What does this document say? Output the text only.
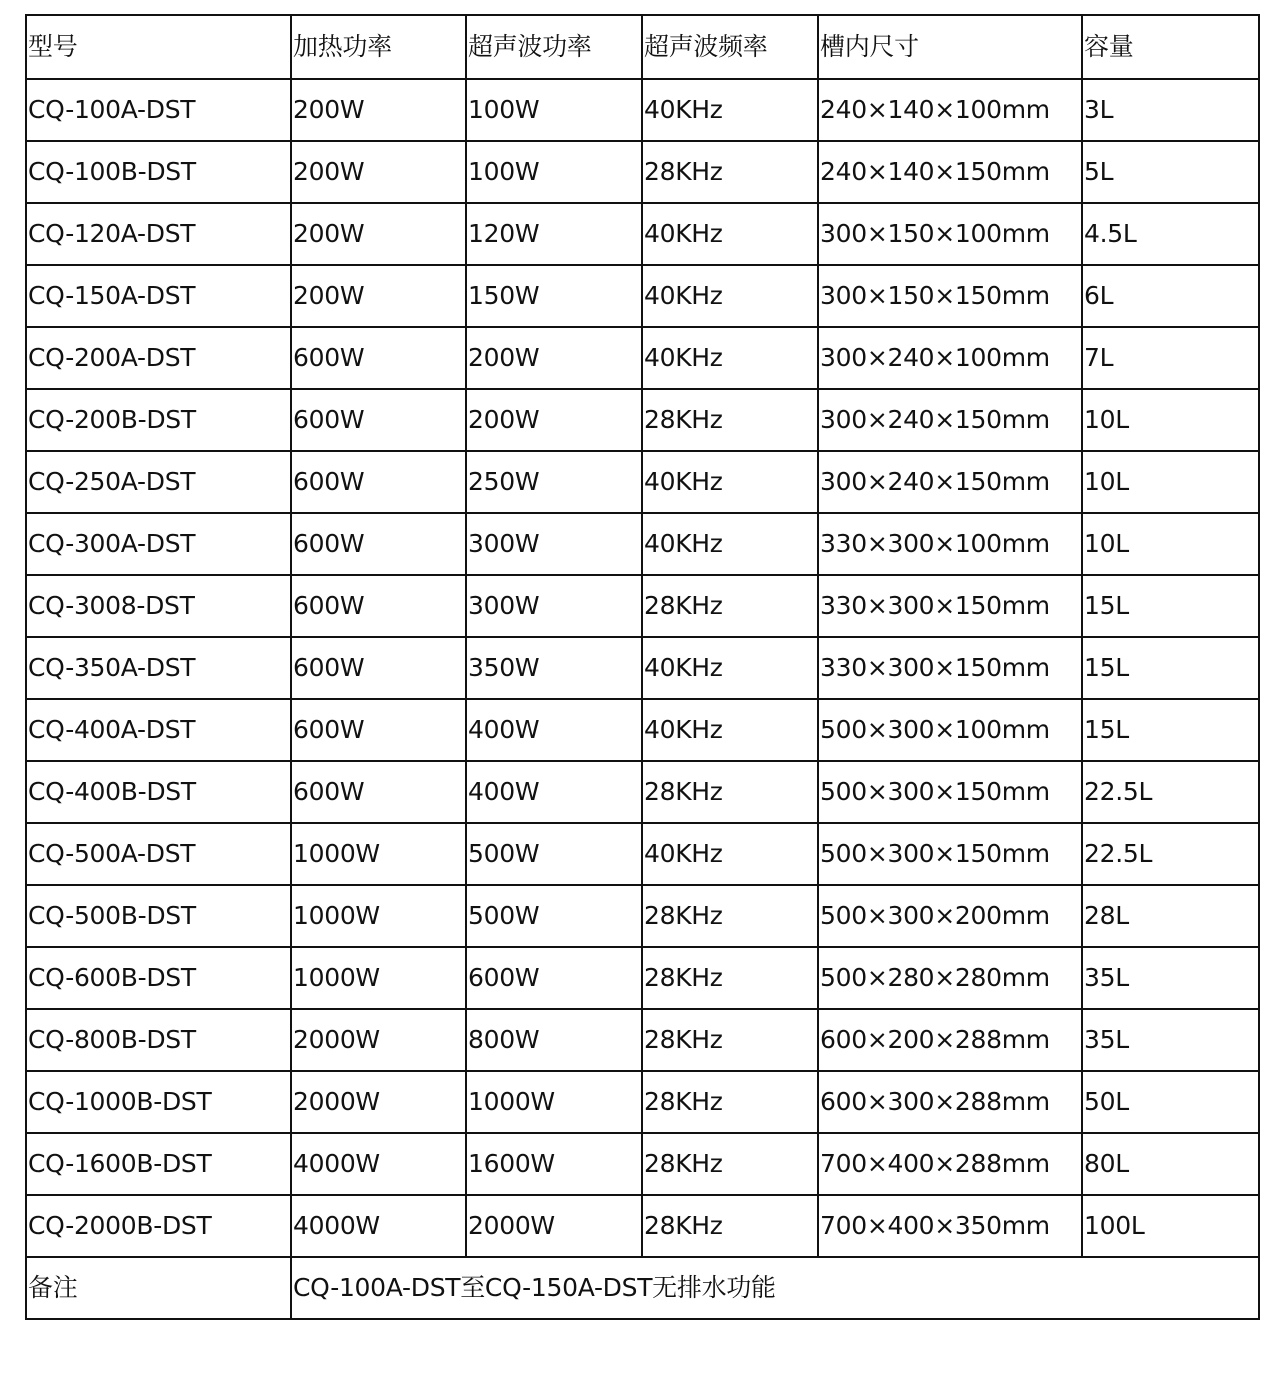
型号	加热功率	超声波功率	超声波频率	槽内尺寸	容量
CQ-100A-DST	200W	100W	40KHz	240×140×100mm	3L
CQ-100B-DST	200W	100W	28KHz	240×140×150mm	5L
CQ-120A-DST	200W	120W	40KHz	300×150×100mm	4.5L
CQ-150A-DST	200W	150W	40KHz	300×150×150mm	6L
CQ-200A-DST	600W	200W	40KHz	300×240×100mm	7L
CQ-200B-DST	600W	200W	28KHz	300×240×150mm	10L
CQ-250A-DST	600W	250W	40KHz	300×240×150mm	10L
CQ-300A-DST	600W	300W	40KHz	330×300×100mm	10L
CQ-3008-DST	600W	300W	28KHz	330×300×150mm	15L
CQ-350A-DST	600W	350W	40KHz	330×300×150mm	15L
CQ-400A-DST	600W	400W	40KHz	500×300×100mm	15L
CQ-400B-DST	600W	400W	28KHz	500×300×150mm	22.5L
CQ-500A-DST	1000W	500W	40KHz	500×300×150mm	22.5L
CQ-500B-DST	1000W	500W	28KHz	500×300×200mm	28L
CQ-600B-DST	1000W	600W	28KHz	500×280×280mm	35L
CQ-800B-DST	2000W	800W	28KHz	600×200×288mm	35L
CQ-1000B-DST	2000W	1000W	28KHz	600×300×288mm	50L
CQ-1600B-DST	4000W	1600W	28KHz	700×400×288mm	80L
CQ-2000B-DST	4000W	2000W	28KHz	700×400×350mm	100L
备注	CQ-100A-DST至CQ-150A-DST无排水功能				
